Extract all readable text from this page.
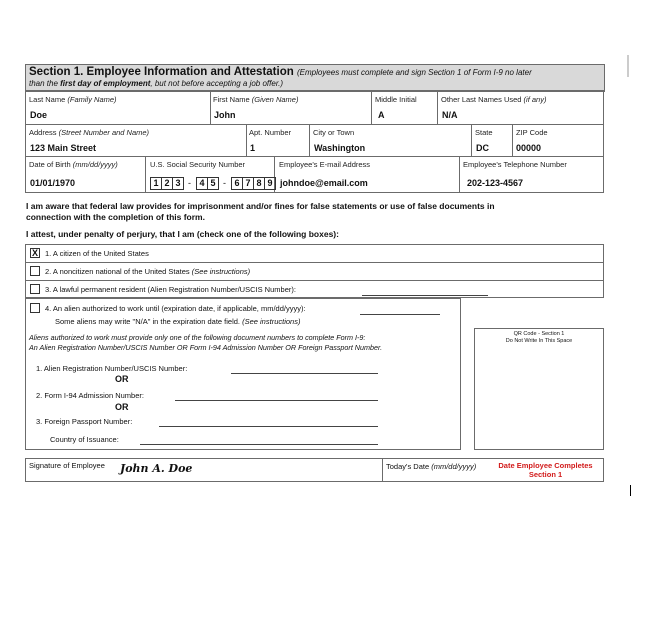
Section 1. Employee Information and Attestation (Employees must complete and sign Section 1 of Form I-9 no later
than the first day of employment, but not before accepting a job offer.)
Last Name (Family Name)
Doe
First Name (Given Name)
John
Middle Initial
A
Other Last Names Used (if any)
N/A
Address (Street Number and Name)
123 Main Street
Apt. Number
1
City or Town
Washington
State
DC
ZIP Code
00000
Date of Birth (mm/dd/yyyy)
01/01/1970
U.S. Social Security Number
1 2 3 - 4 5 - 6 7 8 9
Employee's E-mail Address
johndoe@email.com
Employee's Telephone Number
202-123-4567
I am aware that federal law provides for imprisonment and/or fines for false statements or use of false documents in
connection with the completion of this form.
I attest, under penalty of perjury, that I am (check one of the following boxes):
X 1. A citizen of the United States
2. A noncitizen national of the United States (See instructions)
3. A lawful permanent resident (Alien Registration Number/USCIS Number):
4. An alien authorized to work until (expiration date, if applicable, mm/dd/yyyy):
Some aliens may write "N/A" in the expiration date field. (See instructions)
Aliens authorized to work must provide only one of the following document numbers to complete Form I-9:
An Alien Registration Number/USCIS Number OR Form I-94 Admission Number OR Foreign Passport Number.
1. Alien Registration Number/USCIS Number:
OR
2. Form I-94 Admission Number:
OR
3. Foreign Passport Number:
Country of Issuance:
QR Code - Section 1
Do Not Write In This Space
Signature of Employee John A. Doe	Today's Date (mm/dd/yyyy)	Date Employee Completes
Section 1
